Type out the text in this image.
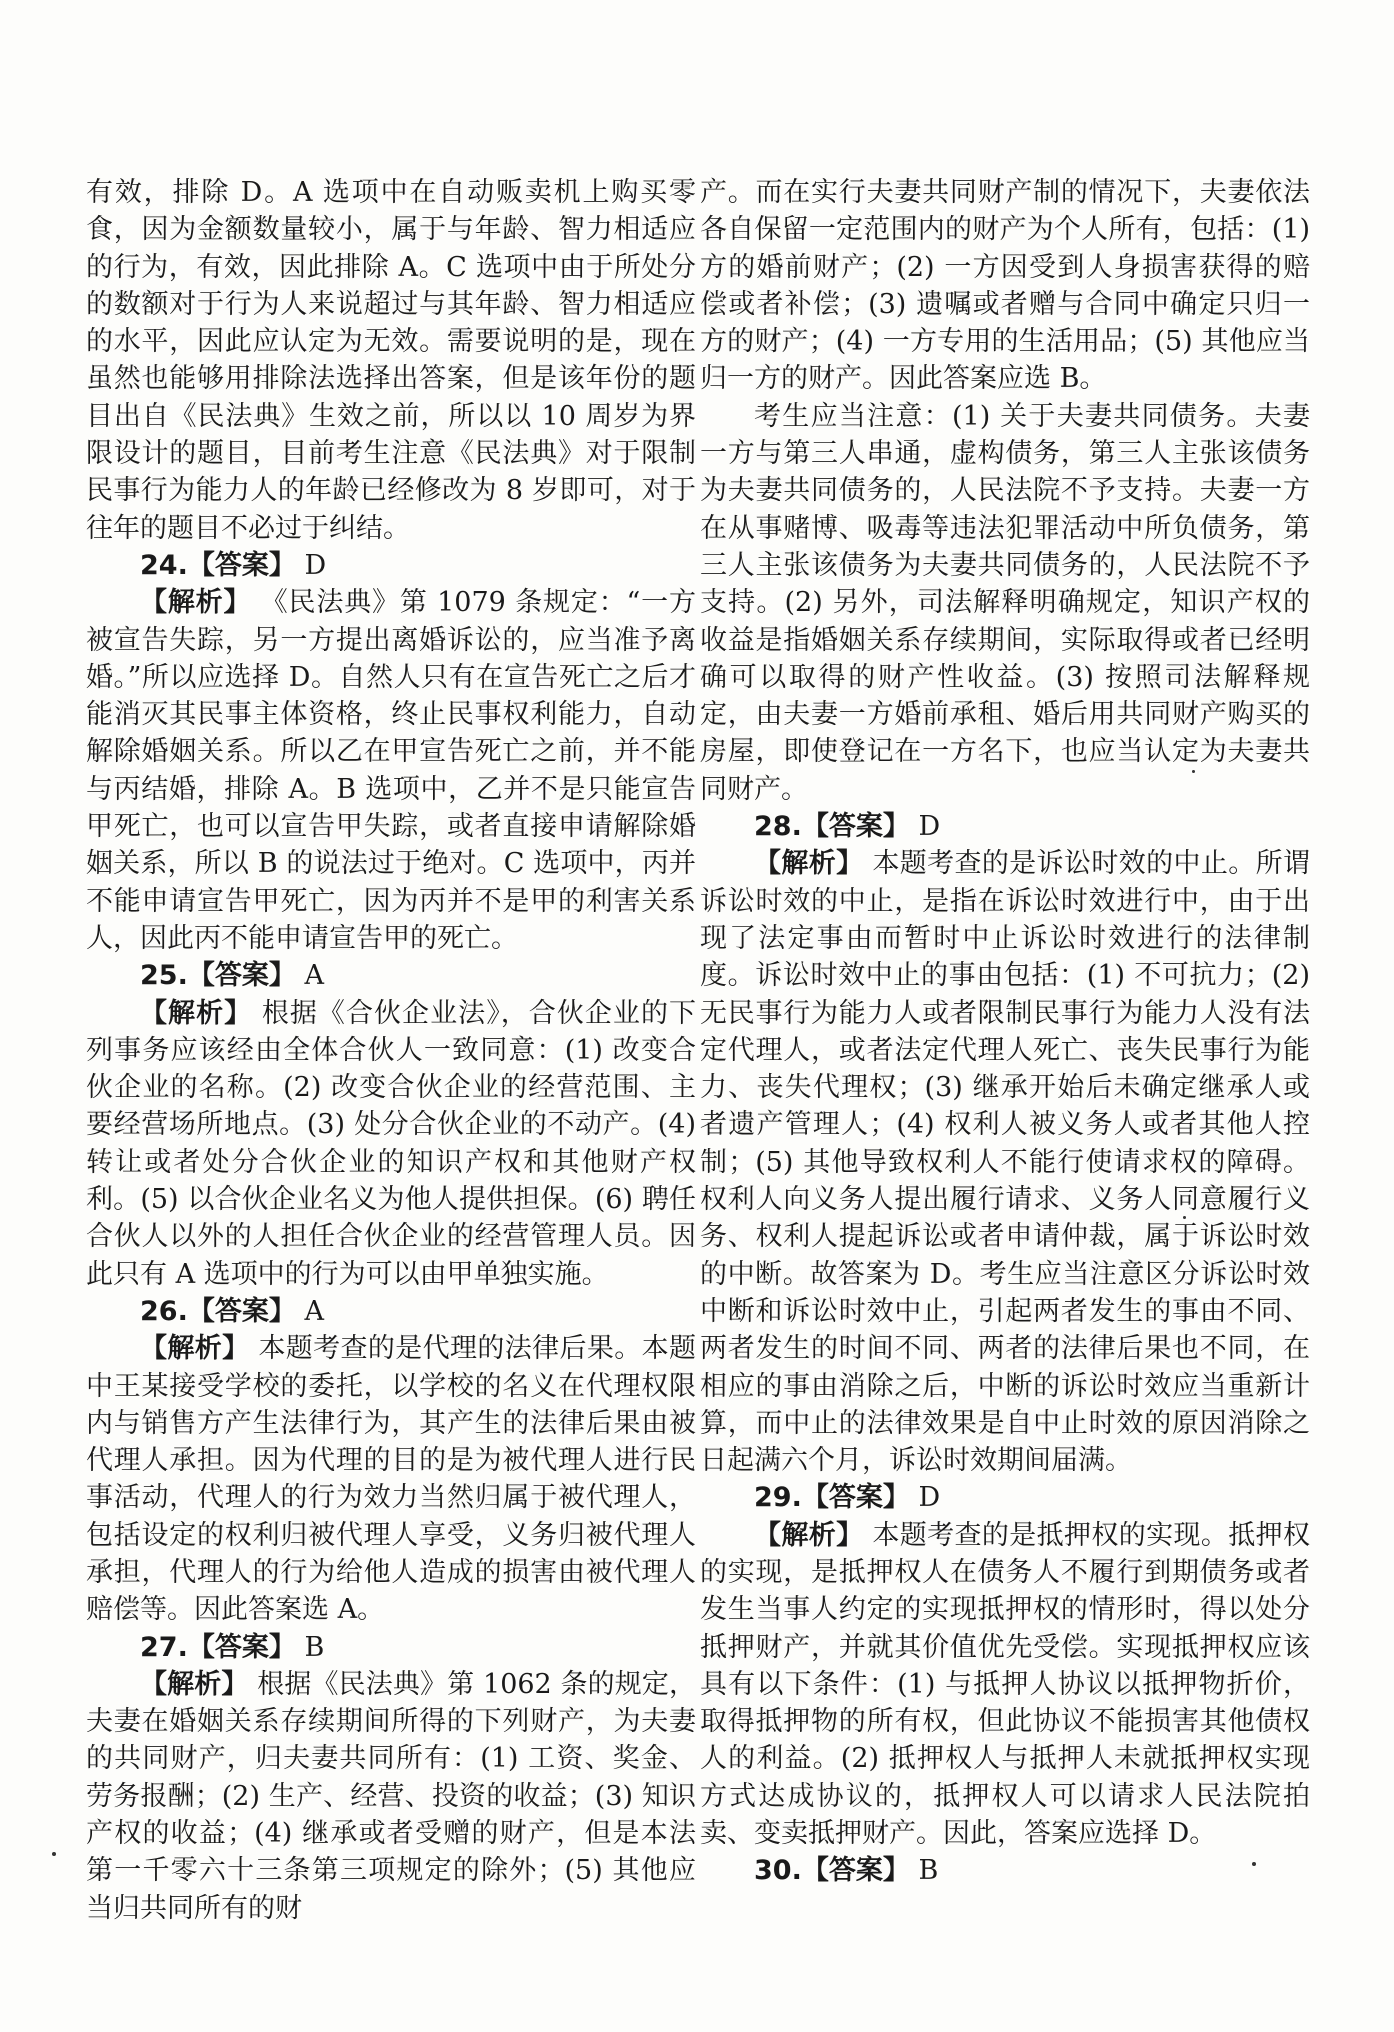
有效，排除 D。A 选项中在自动贩卖机上购买零食，因为金额数量较小，属于与年龄、智力相适应的行为，有效，因此排除 A。C 选项中由于所处分的数额对于行为人来说超过与其年龄、智力相适应的水平，因此应认定为无效。需要说明的是，现在虽然也能够用排除法选择出答案，但是该年份的题目出自《民法典》生效之前，所以以 10 周岁为界限设计的题目，目前考生注意《民法典》对于限制民事行为能力人的年龄已经修改为 8 岁即可，对于往年的题目不必过于纠结。

24.【答案】 D

【解析】 《民法典》第 1079 条规定：“一方被宣告失踪，另一方提出离婚诉讼的，应当准予离婚。”所以应选择 D。自然人只有在宣告死亡之后才能消灭其民事主体资格，终止民事权利能力，自动解除婚姻关系。所以乙在甲宣告死亡之前，并不能与丙结婚，排除 A。B 选项中，乙并不是只能宣告甲死亡，也可以宣告甲失踪，或者直接申请解除婚姻关系，所以 B 的说法过于绝对。C 选项中，丙并不能申请宣告甲死亡，因为丙并不是甲的利害关系人，因此丙不能申请宣告甲的死亡。

25.【答案】 A

【解析】 根据《合伙企业法》，合伙企业的下列事务应该经由全体合伙人一致同意：(1) 改变合伙企业的名称。(2) 改变合伙企业的经营范围、主要经营场所地点。(3) 处分合伙企业的不动产。(4) 转让或者处分合伙企业的知识产权和其他财产权利。(5) 以合伙企业名义为他人提供担保。(6) 聘任合伙人以外的人担任合伙企业的经营管理人员。因此只有 A 选项中的行为可以由甲单独实施。

26.【答案】 A

【解析】 本题考查的是代理的法律后果。本题中王某接受学校的委托，以学校的名义在代理权限内与销售方产生法律行为，其产生的法律后果由被代理人承担。因为代理的目的是为被代理人进行民事活动，代理人的行为效力当然归属于被代理人，包括设定的权利归被代理人享受，义务归被代理人承担，代理人的行为给他人造成的损害由被代理人赔偿等。因此答案选 A。

27.【答案】 B

【解析】 根据《民法典》第 1062 条的规定，夫妻在婚姻关系存续期间所得的下列财产，为夫妻的共同财产，归夫妻共同所有：(1) 工资、奖金、劳务报酬；(2) 生产、经营、投资的收益；(3) 知识产权的收益；(4) 继承或者受赠的财产，但是本法第一千零六十三条第三项规定的除外；(5) 其他应当归共同所有的财

产。而在实行夫妻共同财产制的情况下，夫妻依法各自保留一定范围内的财产为个人所有，包括：(1) 方的婚前财产；(2) 一方因受到人身损害获得的赔偿或者补偿；(3) 遗嘱或者赠与合同中确定只归一方的财产；(4) 一方专用的生活用品；(5) 其他应当归一方的财产。因此答案应选 B。

考生应当注意：(1) 关于夫妻共同债务。夫妻一方与第三人串通，虚构债务，第三人主张该债务为夫妻共同债务的，人民法院不予支持。夫妻一方在从事赌博、吸毒等违法犯罪活动中所负债务，第三人主张该债务为夫妻共同债务的，人民法院不予支持。(2) 另外，司法解释明确规定，知识产权的收益是指婚姻关系存续期间，实际取得或者已经明确可以取得的财产性收益。(3) 按照司法解释规定，由夫妻一方婚前承租、婚后用共同财产购买的房屋，即使登记在一方名下，也应当认定为夫妻共同财产。

28.【答案】 D

【解析】 本题考查的是诉讼时效的中止。所谓诉讼时效的中止，是指在诉讼时效进行中，由于出现了法定事由而暂时中止诉讼时效进行的法律制度。诉讼时效中止的事由包括：(1) 不可抗力；(2) 无民事行为能力人或者限制民事行为能力人没有法定代理人，或者法定代理人死亡、丧失民事行为能力、丧失代理权；(3) 继承开始后未确定继承人或者遗产管理人；(4) 权利人被义务人或者其他人控制；(5) 其他导致权利人不能行使请求权的障碍。权利人向义务人提出履行请求、义务人同意履行义务、权利人提起诉讼或者申请仲裁，属于诉讼时效的中断。故答案为 D。考生应当注意区分诉讼时效中断和诉讼时效中止，引起两者发生的事由不同、两者发生的时间不同、两者的法律后果也不同，在相应的事由消除之后，中断的诉讼时效应当重新计算，而中止的法律效果是自中止时效的原因消除之日起满六个月，诉讼时效期间届满。

29.【答案】 D

【解析】 本题考查的是抵押权的实现。抵押权的实现，是抵押权人在债务人不履行到期债务或者发生当事人约定的实现抵押权的情形时，得以处分抵押财产，并就其价值优先受偿。实现抵押权应该具有以下条件：(1) 与抵押人协议以抵押物折价，取得抵押物的所有权，但此协议不能损害其他债权人的利益。(2) 抵押权人与抵押人未就抵押权实现方式达成协议的，抵押权人可以请求人民法院拍卖、变卖抵押财产。因此，答案应选择 D。

30.【答案】 B
